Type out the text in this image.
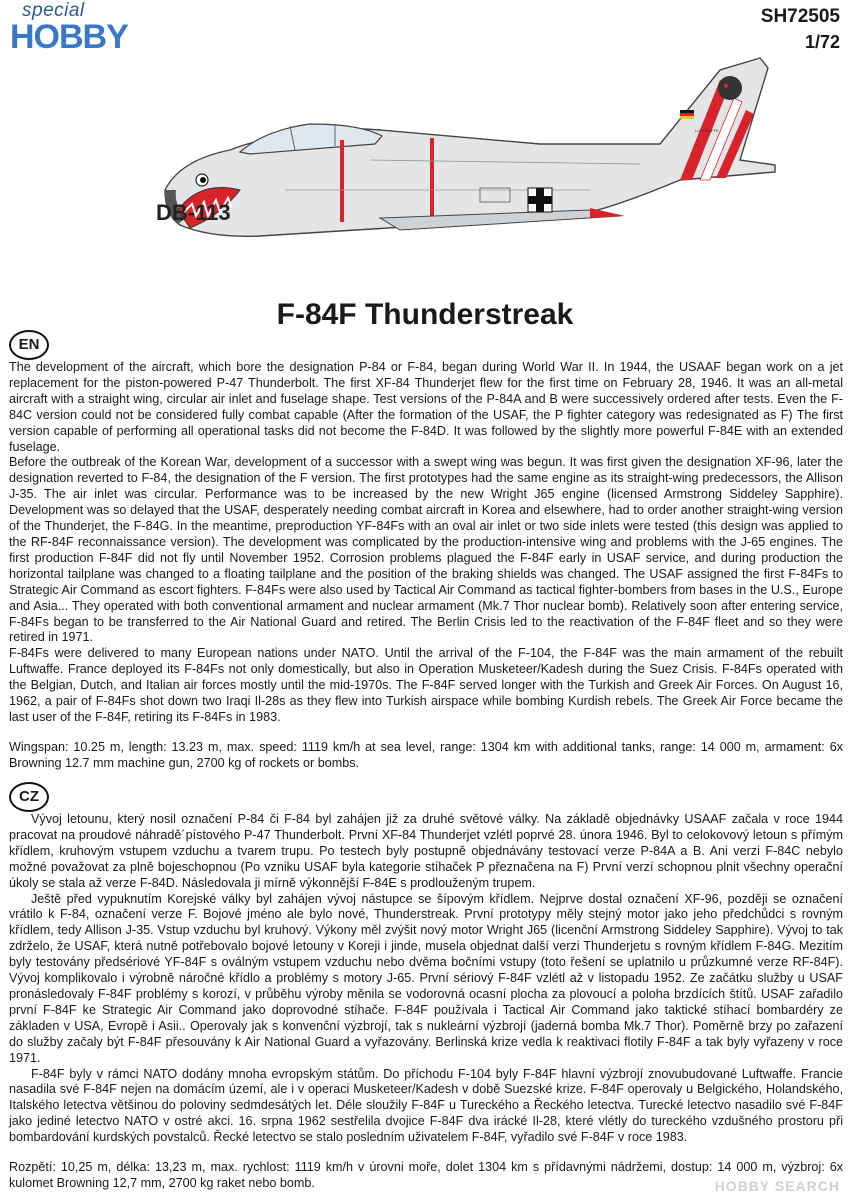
special
HOBBY
SH72505
1/72
DB-113
LUFTWAFFE
F-84F Thunderstreak
EN

The development of the aircraft, which bore the designation P-84 or F-84, began during World War II. In 1944, the USAAF began work on a jet replacement for the piston-powered P-47 Thunderbolt. The first XF-84 Thunderjet flew for the first time on February 28, 1946. It was an all-metal aircraft with a straight wing, circular air inlet and fuselage shape. Test versions of the P-84A and B were successively ordered after tests. Even the F-84C version could not be considered fully combat capable (After the formation of the USAF, the P fighter category was redesignated as F) The first version capable of performing all operational tasks did not become the F-84D. It was followed by the slightly more powerful F-84E with an extended fuselage.

Before the outbreak of the Korean War, development of a successor with a swept wing was begun. It was first given the designation XF-96, later the designation reverted to F-84, the designation of the F version. The first prototypes had the same engine as its straight-wing predecessors, the Allison J-35. The air inlet was circular. Performance was to be increased by the new Wright J65 engine (licensed Armstrong Siddeley Sapphire). Development was so delayed that the USAF, desperately needing combat aircraft in Korea and elsewhere, had to order another straight-wing version of the Thunderjet, the F-84G. In the meantime, preproduction YF-84Fs with an oval air inlet or two side inlets were tested (this design was applied to the RF-84F reconnaissance version). The development was complicated by the production-intensive wing and problems with the J-65 engines. The first production F-84F did not fly until November 1952. Corrosion problems plagued the F-84F early in USAF service, and during production the horizontal tailplane was changed to a floating tailplane and the position of the braking shields was changed. The USAF assigned the first F-84Fs to Strategic Air Command as escort fighters. F-84Fs were also used by Tactical Air Command as tactical fighter-bombers from bases in the U.S., Europe and Asia... They operated with both conventional armament and nuclear armament (Mk.7 Thor nuclear bomb). Relatively soon after entering service, F-84Fs began to be transferred to the Air National Guard and retired. The Berlin Crisis led to the reactivation of the F-84F fleet and so they were retired in 1971.

F-84Fs were delivered to many European nations under NATO. Until the arrival of the F-104, the F-84F was the main armament of the rebuilt Luftwaffe. France deployed its F-84Fs not only domestically, but also in Operation Musketeer/Kadesh during the Suez Crisis. F-84Fs operated with the Belgian, Dutch, and Italian air forces mostly until the mid-1970s. The F-84F served longer with the Turkish and Greek Air Forces. On August 16, 1962, a pair of F-84Fs shot down two Iraqi Il-28s as they flew into Turkish airspace while bombing Kurdish rebels. The Greek Air Force became the last user of the F-84F, retiring its F-84Fs in 1983.

Wingspan: 10.25 m, length: 13.23 m, max. speed: 1119 km/h at sea level, range: 1304 km with additional tanks, range: 14 000 m, armament: 6x Browning 12.7 mm machine gun, 2700 kg of rockets or bombs.

CZ

Vývoj letounu, který nosil označení P-84 či F-84 byl zahájen již za druhé světové války. Na základě objednávky USAAF začala v roce 1944 pracovat na proudové náhradě´pístového P-47 Thunderbolt. První XF-84 Thunderjet vzlétl poprvé 28. února 1946. Byl to celokovový letoun s přímým křídlem, kruhovým vstupem vzduchu a tvarem trupu. Po testech byly postupně objednávány testovací verze P-84A a B. Ani verzi F-84C nebylo možné považovat za plně bojeschopnou (Po vzniku USAF byla kategorie stíhaček P přeznačena na F) První verzí schopnou plnit všechny operační úkoly se stala až verze F-84D. Následovala ji mírně výkonnější F-84E s prodlouženým trupem.

Ještě před vypuknutím Korejské války byl zahájen vývoj nástupce se šípovým křídlem. Nejprve dostal označení XF-96, později se označení vrátilo k F-84, označení verze F. Bojové jméno ale bylo nové, Thunderstreak. První prototypy měly stejný motor jako jeho předchůdci s rovným křídlem, tedy Allison J-35. Vstup vzduchu byl kruhový. Výkony měl zvýšit nový motor Wright J65 (licenční Armstrong Siddeley Sapphire). Vývoj to tak zdrželo, že USAF, která nutně potřebovalo bojové letouny v Koreji i jinde, musela objednat další verzi Thunderjetu s rovným křídlem F-84G. Mezitím byly testovány předsériové YF-84F s oválným vstupem vzduchu nebo dvěma bočními vstupy (toto řešení se uplatnilo u průzkumné verze RF-84F). Vývoj komplikovalo i výrobně náročné křídlo a problémy s motory J-65. První sériový F-84F vzlétl až v listopadu 1952. Ze začátku služby u USAF pronásledovaly F-84F problémy s korozí, v průběhu výroby měnila se vodorovná ocasní plocha za plovoucí a poloha brzdících štítů. USAF zařadilo první F-84F ke Strategic Air Command jako doprovodné stíhače. F-84F používala i Tactical Air Command jako taktické stíhací bombardéry ze základen v USA, Evropě i Asii.. Operovaly jak s konvenční výzbrojí, tak s nukleární výzbrojí (jaderná bomba Mk.7 Thor). Poměrně brzy po zařazení do služby začaly být F-84F přesouvány k Air National Guard a vyřazovány. Berlinská krize vedla k reaktivaci flotily F-84F a tak byly vyřazeny v roce 1971.

F-84F byly v rámci NATO dodány mnoha evropským státům. Do příchodu F-104 byly F-84F hlavní výzbrojí znovubudované Luftwaffe. Francie nasadila své F-84F nejen na domácím území, ale i v operaci Musketeer/Kadesh v době Suezské krize. F-84F operovaly u Belgického, Holandského, Italského letectva většinou do poloviny sedmdesátých let. Déle sloužily F-84F u Tureckého a Řeckého letectva. Turecké letectvo nasadilo své F-84F jako jediné letectvo NATO v ostré akci. 16. srpna 1962 sestřelila dvojice F-84F dva irácké Il-28, které vlétly do tureckého vzdušného prostoru při bombardování kurdských povstalců. Řecké letectvo se stalo posledním uživatelem F-84F, vyřadilo své F-84F v roce 1983.

Rozpětí: 10,25 m, délka: 13,23 m, max. rychlost: 1119 km/h v úrovni moře, dolet 1304 km s přídavnými nádržemi, dostup: 14 000 m, výzbroj: 6x kulomet Browning 12,7 mm, 2700 kg raket nebo bomb.	HOBBY SEARCH
